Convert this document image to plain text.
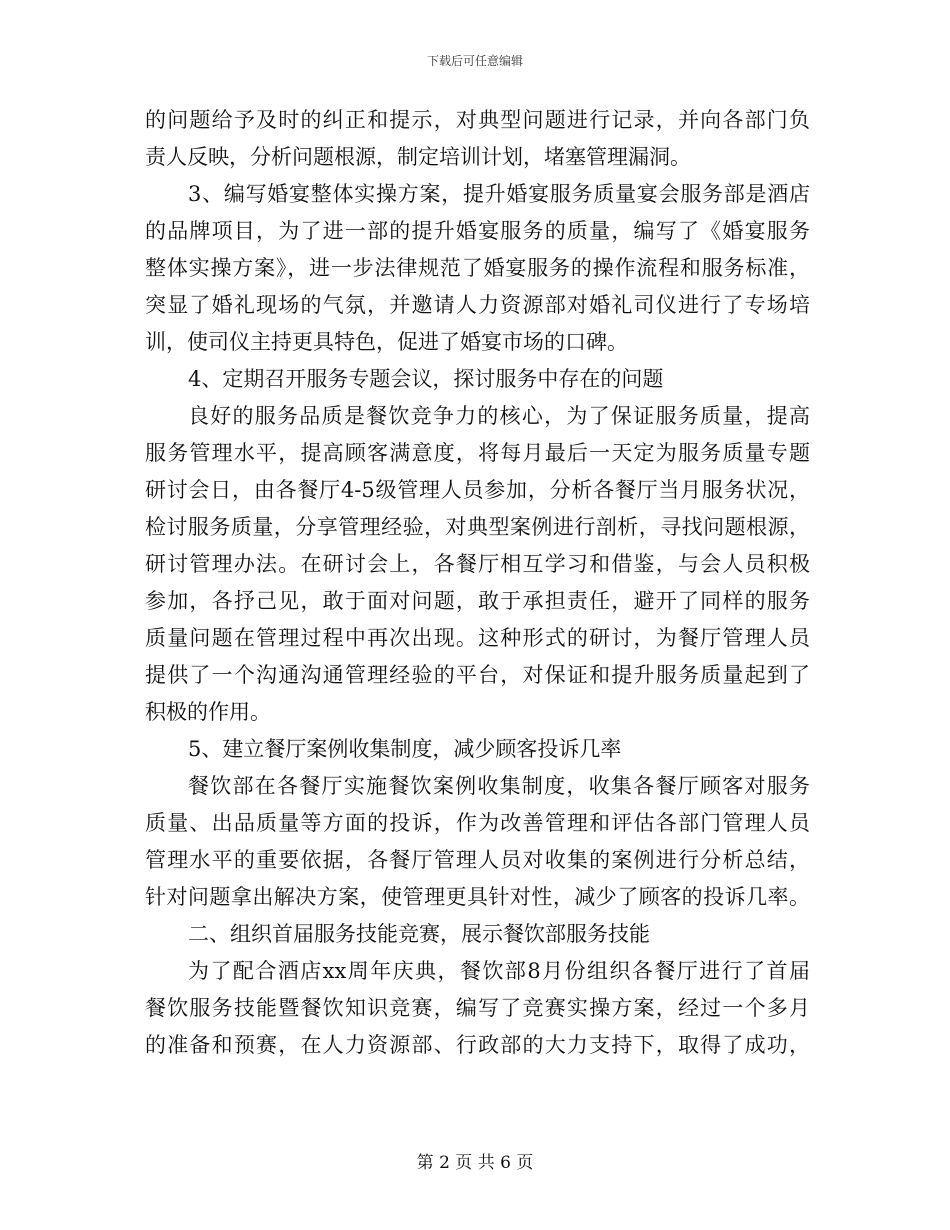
下载后可任意编辑
的问题给予及时的纠正和提示，对典型问题进行记录，并向各部门负
责人反映，分析问题根源，制定培训计划，堵塞管理漏洞。
3、编写婚宴整体实操方案，提升婚宴服务质量宴会服务部是酒店
的品牌项目，为了进一部的提升婚宴服务的质量，编写了《婚宴服务
整体实操方案》，进一步法律规范了婚宴服务的操作流程和服务标准，
突显了婚礼现场的气氛，并邀请人力资源部对婚礼司仪进行了专场培
训，使司仪主持更具特色，促进了婚宴市场的口碑。
4、定期召开服务专题会议，探讨服务中存在的问题
良好的服务品质是餐饮竞争力的核心，为了保证服务质量，提高
服务管理水平，提高顾客满意度，将每月最后一天定为服务质量专题
研讨会日，由各餐厅4-5级管理人员参加，分析各餐厅当月服务状况，
检讨服务质量，分享管理经验，对典型案例进行剖析，寻找问题根源，
研讨管理办法。在研讨会上，各餐厅相互学习和借鉴，与会人员积极
参加，各抒己见，敢于面对问题，敢于承担责任，避开了同样的服务
质量问题在管理过程中再次出现。这种形式的研讨，为餐厅管理人员
提供了一个沟通沟通管理经验的平台，对保证和提升服务质量起到了
积极的作用。
5、建立餐厅案例收集制度，减少顾客投诉几率
餐饮部在各餐厅实施餐饮案例收集制度，收集各餐厅顾客对服务
质量、出品质量等方面的投诉，作为改善管理和评估各部门管理人员
管理水平的重要依据，各餐厅管理人员对收集的案例进行分析总结，
针对问题拿出解决方案，使管理更具针对性，减少了顾客的投诉几率。
二、组织首届服务技能竞赛，展示餐饮部服务技能
为了配合酒店xx周年庆典，餐饮部8月份组织各餐厅进行了首届
餐饮服务技能暨餐饮知识竞赛，编写了竞赛实操方案，经过一个多月
的准备和预赛，在人力资源部、行政部的大力支持下，取得了成功，
第 2 页 共 6 页
